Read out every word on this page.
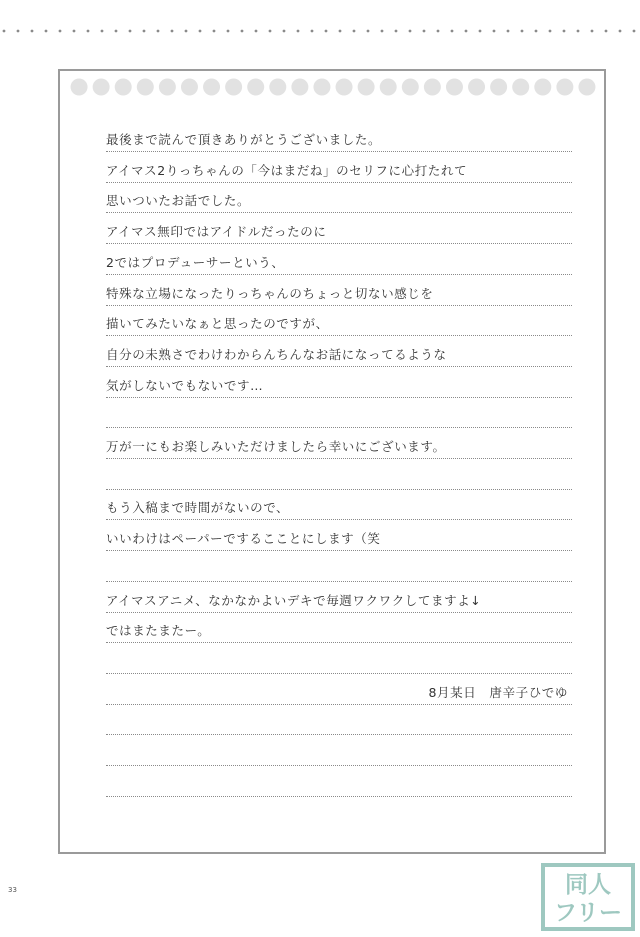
最後まで読んで頂きありがとうございました。
アイマス2りっちゃんの「今はまだね」のセリフに心打たれて
思いついたお話でした。
アイマス無印ではアイドルだったのに
2ではプロデューサーという、
特殊な立場になったりっちゃんのちょっと切ない感じを
描いてみたいなぁと思ったのですが、
自分の未熟さでわけわからんちんなお話になってるような
気がしないでもないです…
万が一にもお楽しみいただけましたら幸いにございます。
もう入稿まで時間がないので、
いいわけはペーパーでするこことにします（笑
アイマスアニメ、なかなかよいデキで毎週ワクワクしてますよ↓
ではまたまたー。
8月某日　唐辛子ひでゆ
33	同人
フリー
